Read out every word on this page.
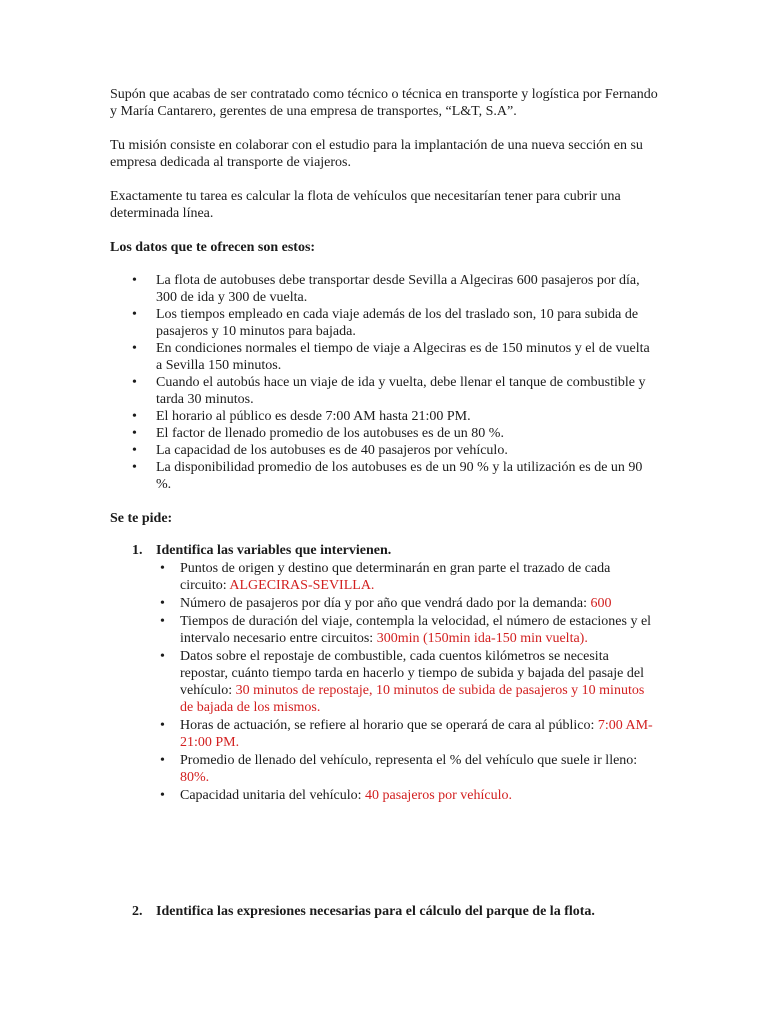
Supón que acabas de ser contratado como técnico o técnica en transporte y logística por Fernando y María Cantarero, gerentes de una empresa de transportes, “L&T, S.A”.

Tu misión consiste en colaborar con el estudio para la implantación de una nueva sección en su empresa dedicada al transporte de viajeros.

Exactamente tu tarea es calcular la flota de vehículos que necesitarían tener para cubrir una determinada línea.

Los datos que te ofrecen son estos:

• La flota de autobuses debe transportar desde Sevilla a Algeciras 600 pasajeros por día, 300 de ida y 300 de vuelta.
• Los tiempos empleado en cada viaje además de los del traslado son, 10 para subida de pasajeros y 10 minutos para bajada.
• En condiciones normales el tiempo de viaje a Algeciras es de 150 minutos y el de vuelta a Sevilla 150 minutos.
• Cuando el autobús hace un viaje de ida y vuelta, debe llenar el tanque de combustible y tarda 30 minutos.
• El horario al público es desde 7:00 AM hasta 21:00 PM.
• El factor de llenado promedio de los autobuses es de un 80 %.
• La capacidad de los autobuses es de 40 pasajeros por vehículo.
• La disponibilidad promedio de los autobuses es de un 90 % y la utilización es de un 90 %.

Se te pide:

1. Identifica las variables que intervienen.
• Puntos de origen y destino que determinarán en gran parte el trazado de cada circuito: ALGECIRAS-SEVILLA.
• Número de pasajeros por día y por año que vendrá dado por la demanda: 600
• Tiempos de duración del viaje, contempla la velocidad, el número de estaciones y el intervalo necesario entre circuitos: 300min (150min ida-150 min vuelta).
• Datos sobre el repostaje de combustible, cada cuentos kilómetros se necesita repostar, cuánto tiempo tarda en hacerlo y tiempo de subida y bajada del pasaje del vehículo: 30 minutos de repostaje, 10 minutos de subida de pasajeros y 10 minutos de bajada de los mismos.
• Horas de actuación, se refiere al horario que se operará de cara al público: 7:00 AM-21:00 PM.
• Promedio de llenado del vehículo, representa el % del vehículo que suele ir lleno: 80%.
• Capacidad unitaria del vehículo: 40 pasajeros por vehículo.
2. Identifica las expresiones necesarias para el cálculo del parque de la flota.
